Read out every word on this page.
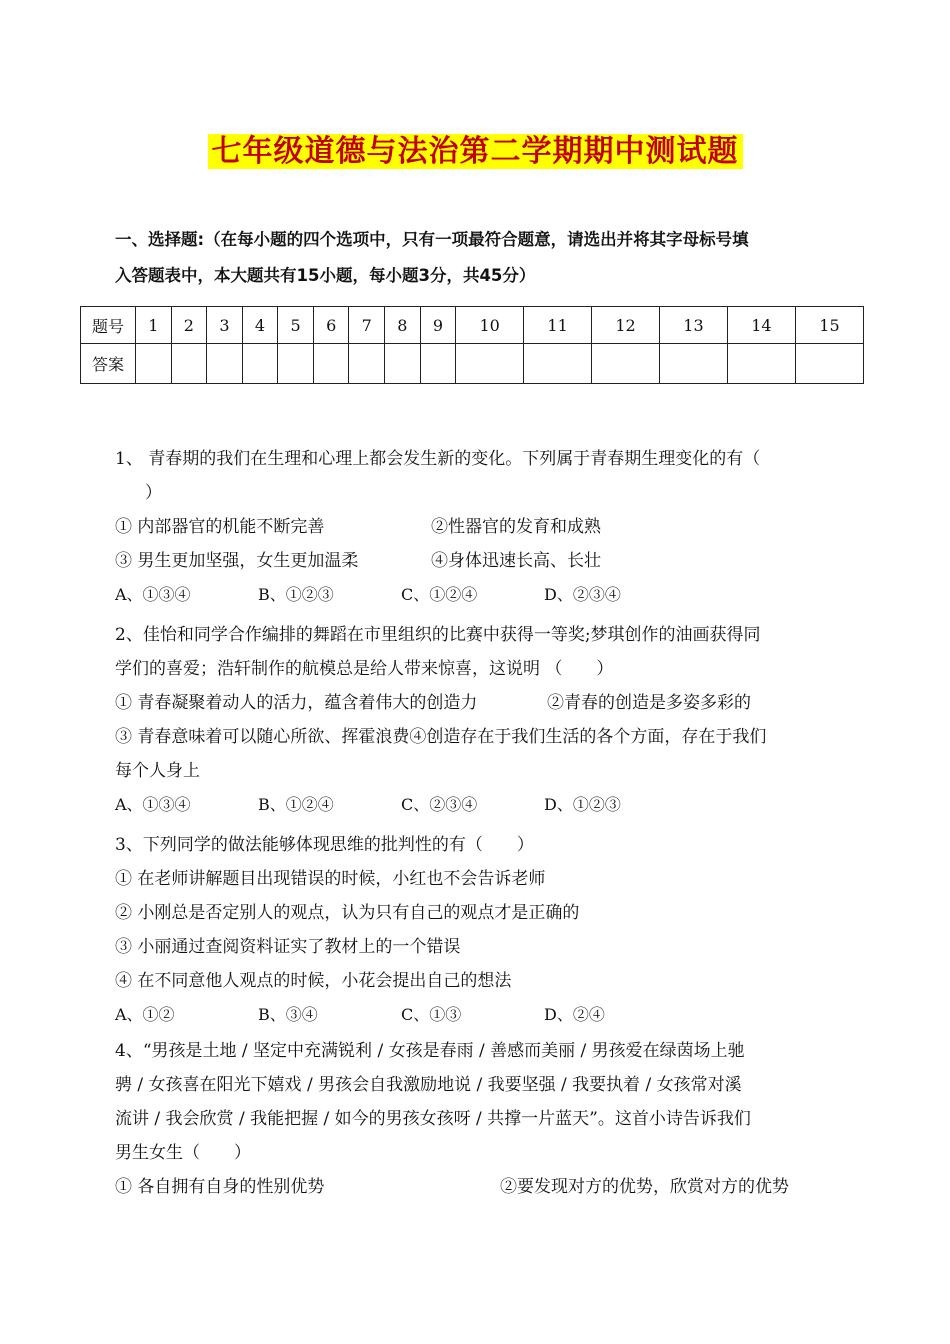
七年级道德与法治第二学期期中测试题
一、选择题:（在每小题的四个选项中，只有一项最符合题意，请选出并将其字母标号填
入答题表中，本大题共有15小题，每小题3分，共45分）
题号	1	2	3	4	5	6	7	8	9	10	11	12	13	14	15
答案															
1、 青春期的我们在生理和心理上都会发生新的变化。下列属于青春期生理变化的有（
）
① 内部器官的机能不断完善	②性器官的发育和成熟
③ 男生更加坚强，女生更加温柔	④身体迅速长高、长壮
A、①③④	B、①②③	C、①②④	D、②③④
2、佳怡和同学合作编排的舞蹈在市里组织的比赛中获得一等奖;梦琪创作的油画获得同
学们的喜爱；浩轩制作的航模总是给人带来惊喜，这说明 （　　）
① 青春凝聚着动人的活力，蕴含着伟大的创造力	②青春的创造是多姿多彩的
③ 青春意味着可以随心所欲、挥霍浪费④创造存在于我们生活的各个方面，存在于我们
每个人身上
A、①③④	B、①②④	C、②③④	D、①②③
3、下列同学的做法能够体现思维的批判性的有（　　）
① 在老师讲解题目出现错误的时候，小红也不会告诉老师
② 小刚总是否定别人的观点，认为只有自己的观点才是正确的
③ 小丽通过查阅资料证实了教材上的一个错误
④ 在不同意他人观点的时候，小花会提出自己的想法
A、①②	B、③④	C、①③	D、②④
4、“男孩是土地 / 坚定中充满锐利 / 女孩是春雨 / 善感而美丽 / 男孩爱在绿茵场上驰
骋 / 女孩喜在阳光下嬉戏 / 男孩会自我激励地说 / 我要坚强 / 我要执着 / 女孩常对溪
流讲 / 我会欣赏 / 我能把握 / 如今的男孩女孩呀 / 共撑一片蓝天”。这首小诗告诉我们
男生女生（　　）
① 各自拥有自身的性别优势	②要发现对方的优势，欣赏对方的优势
